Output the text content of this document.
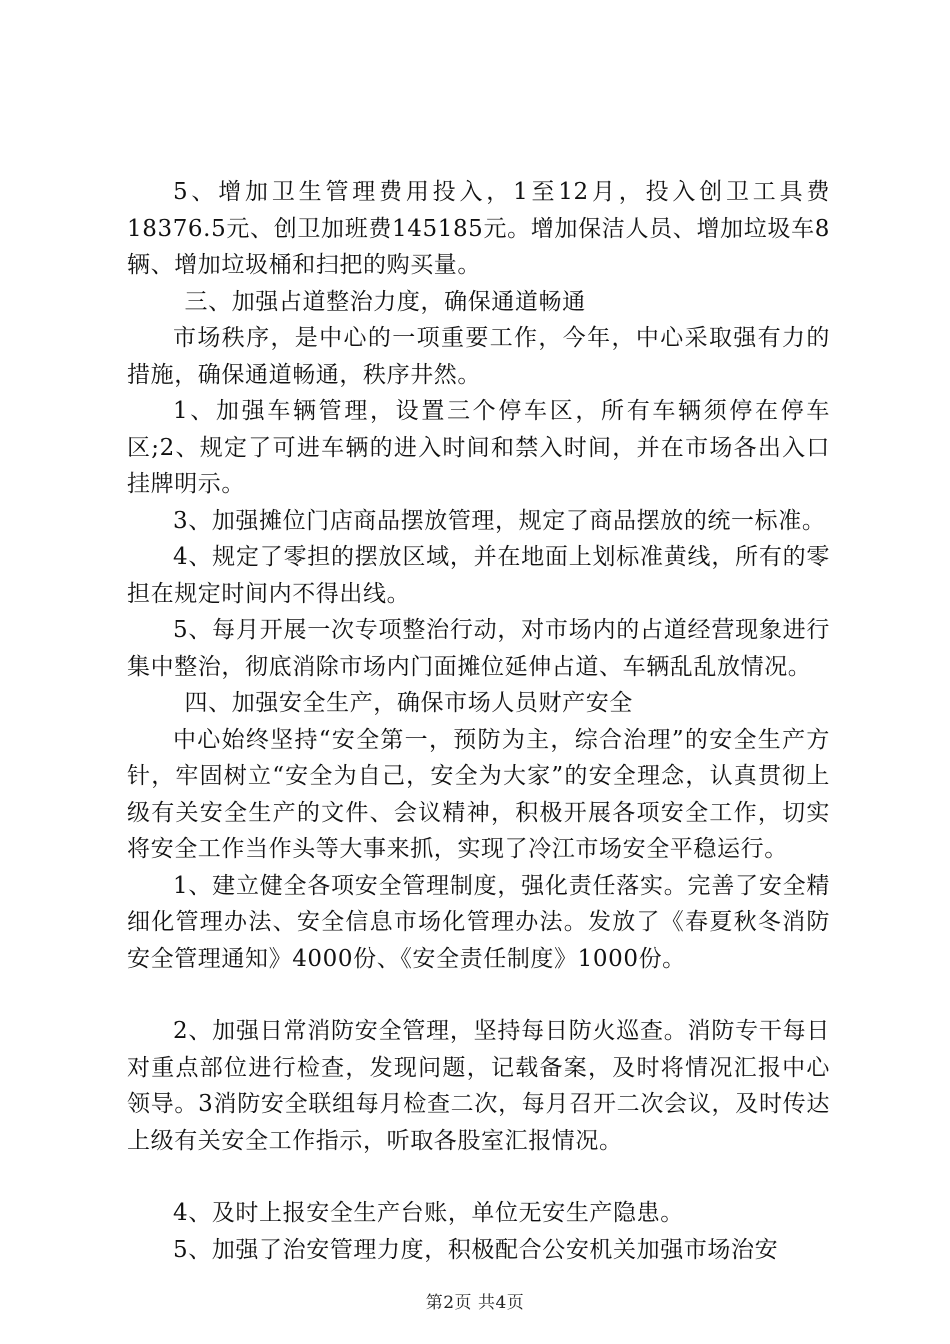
5、增加卫生管理费用投入，1至12月，投入创卫工具费18376.5元、创卫加班费145185元。增加保洁人员、增加垃圾车8辆、增加垃圾桶和扫把的购买量。

三、加强占道整治力度，确保通道畅通

市场秩序，是中心的一项重要工作，今年，中心采取强有力的措施，确保通道畅通，秩序井然。

1、加强车辆管理，设置三个停车区，所有车辆须停在停车区;2、规定了可进车辆的进入时间和禁入时间，并在市场各出入口挂牌明示。

3、加强摊位门店商品摆放管理，规定了商品摆放的统一标准。

4、规定了零担的摆放区域，并在地面上划标准黄线，所有的零担在规定时间内不得出线。

5、每月开展一次专项整治行动，对市场内的占道经营现象进行集中整治，彻底消除市场内门面摊位延伸占道、车辆乱乱放情况。

四、加强安全生产，确保市场人员财产安全

中心始终坚持“安全第一，预防为主，综合治理”的安全生产方针，牢固树立“安全为自己，安全为大家”的安全理念，认真贯彻上级有关安全生产的文件、会议精神，积极开展各项安全工作，切实将安全工作当作头等大事来抓，实现了冷江市场安全平稳运行。

1、建立健全各项安全管理制度，强化责任落实。完善了安全精细化管理办法、安全信息市场化管理办法。发放了《春夏秋冬消防安全管理通知》4000份、《安全责任制度》1000份。

2、加强日常消防安全管理，坚持每日防火巡查。消防专干每日对重点部位进行检查，发现问题，记载备案，及时将情况汇报中心领导。3消防安全联组每月检查二次，每月召开二次会议，及时传达上级有关安全工作指示，听取各股室汇报情况。

4、及时上报安全生产台账，单位无安生产隐患。

5、加强了治安管理力度，积极配合公安机关加强市场治安

第2页 共4页
